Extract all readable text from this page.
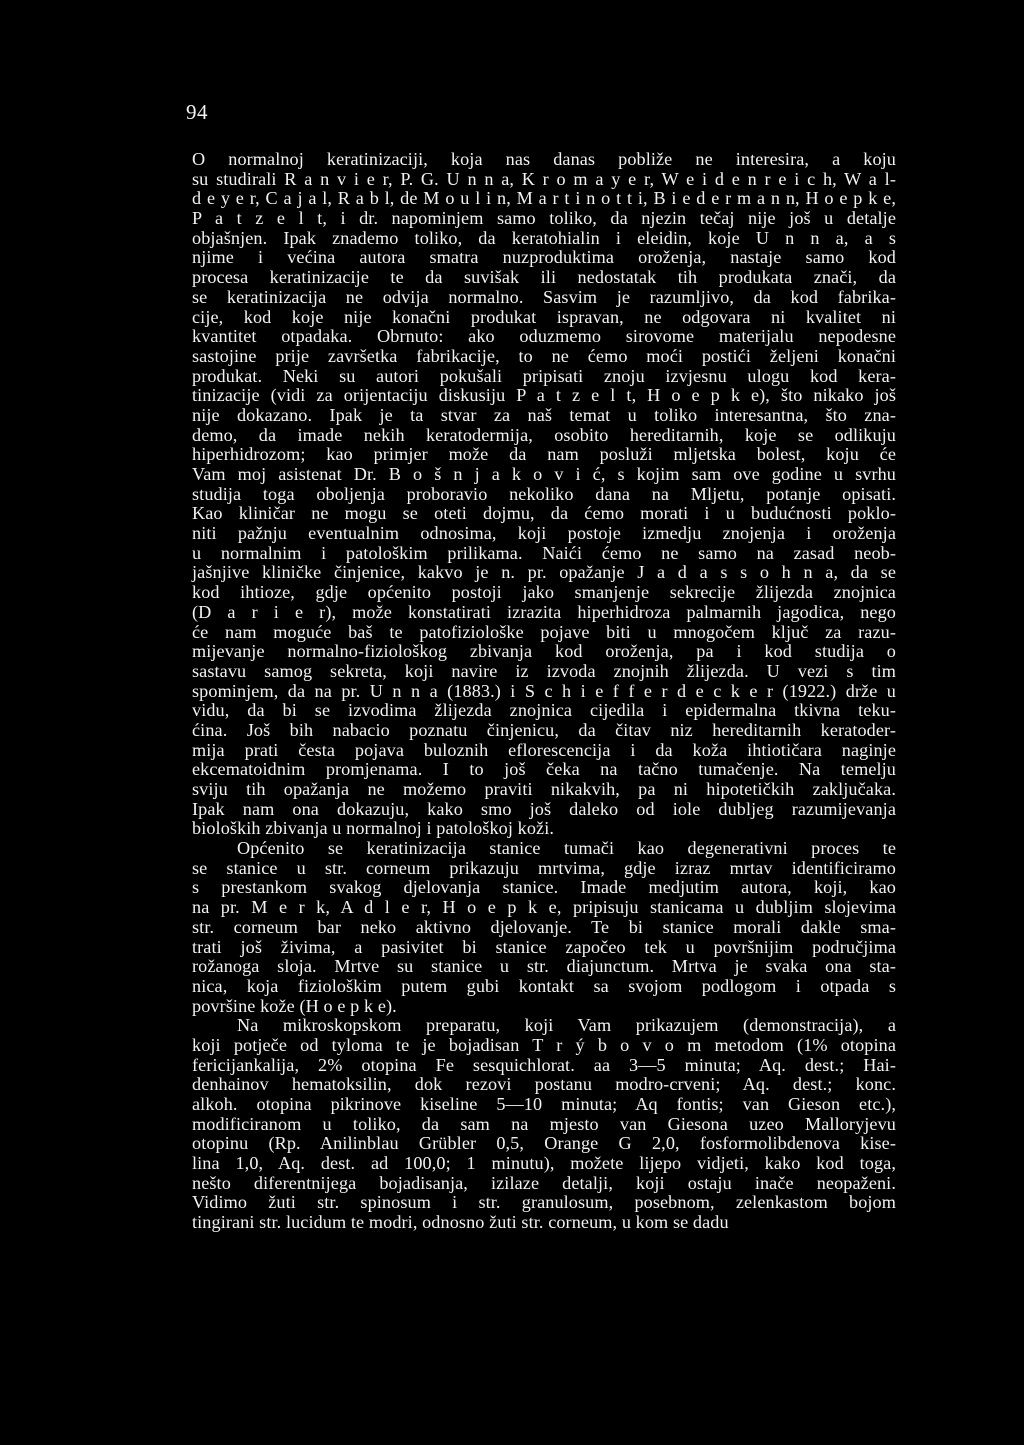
94
O normalnoj keratinizaciji, koja nas danas pobliže ne interesira, a koju
su studirali R a n v i e r, P. G. U n n a, K r o m a y e r, W e i d e n r e i c h, W a l-
d e y e r, C a j a l, R a b l, de M o u l i n, M a r t i n o t t i, B i e d e r m a n n, H o e p k e,
P a t z e l t, i dr. napominjem samo toliko, da njezin tečaj nije još u detalje
objašnjen. Ipak znademo toliko, da keratohialin i eleidin, koje U n n a, a s
njime i većina autora smatra nuzproduktima oroženja, nastaje samo kod
procesa keratinizacije te da suvišak ili nedostatak tih produkata znači, da
se keratinizacija ne odvija normalno. Sasvim je razumljivo, da kod fabrika-
cije, kod koje nije konačni produkat ispravan, ne odgovara ni kvalitet ni
kvantitet otpadaka. Obrnuto: ako oduzmemo sirovome materijalu nepodesne
sastojine prije završetka fabrikacije, to ne ćemo moći postići željeni konačni
produkat. Neki su autori pokušali pripisati znoju izvjesnu ulogu kod kera-
tinizacije (vidi za orijentaciju diskusiju P a t z e l t, H o e p k e), što nikako još
nije dokazano. Ipak je ta stvar za naš temat u toliko interesantna, što zna-
demo, da imade nekih keratodermija, osobito hereditarnih, koje se odlikuju
hiperhidrozom; kao primjer može da nam posluži mljetska bolest, koju će
Vam moj asistenat Dr. B o š n j a k o v i ć, s kojim sam ove godine u svrhu
studija toga oboljenja proboravio nekoliko dana na Mljetu, potanje opisati.
Kao kliničar ne mogu se oteti dojmu, da ćemo morati i u budućnosti poklo-
niti pažnju eventualnim odnosima, koji postoje izmedju znojenja i oroženja
u normalnim i patološkim prilikama. Naići ćemo ne samo na zasad neob-
jašnjive kliničke činjenice, kakvo je n. pr. opažanje J a d a s s o h n a, da se
kod ihtioze, gdje općenito postoji jako smanjenje sekrecije žlijezda znojnica
(D a r i e r), može konstatirati izrazita hiperhidroza palmarnih jagodica, nego
će nam moguće baš te patofiziološke pojave biti u mnogočem ključ za razu-
mijevanje normalno-fiziološkog zbivanja kod oroženja, pa i kod studija o
sastavu samog sekreta, koji navire iz izvoda znojnih žlijezda. U vezi s tim
spominjem, da na pr. U n n a (1883.) i S c h i e f f e r d e c k e r (1922.) drže u
vidu, da bi se izvodima žlijezda znojnica cijedila i epidermalna tkivna teku-
ćina. Još bih nabacio poznatu činjenicu, da čitav niz hereditarnih keratoder-
mija prati česta pojava buloznih eflorescencija i da koža ihtiotičara naginje
ekcematoidnim promjenama. I to još čeka na tačno tumačenje. Na temelju
sviju tih opažanja ne možemo praviti nikakvih, pa ni hipotetičkih zaključaka.
Ipak nam ona dokazuju, kako smo još daleko od iole dubljeg razumijevanja
bioloških zbivanja u normalnoj i patološkoj koži.
Općenito se keratinizacija stanice tumači kao degenerativni proces te
se stanice u str. corneum prikazuju mrtvima, gdje izraz mrtav identificiramo
s prestankom svakog djelovanja stanice. Imade medjutim autora, koji, kao
na pr. M e r k, A d l e r, H o e p k e, pripisuju stanicama u dubljim slojevima
str. corneum bar neko aktivno djelovanje. Te bi stanice morali dakle sma-
trati još živima, a pasivitet bi stanice započeo tek u površnijim područjima
rožanoga sloja. Mrtve su stanice u str. diajunctum. Mrtva je svaka ona sta-
nica, koja fiziološkim putem gubi kontakt sa svojom podlogom i otpada s
površine kože (H o e p k e).
Na mikroskopskom preparatu, koji Vam prikazujem (demonstracija), a
koji potječe od tyloma te je bojadisan T r ý b o v o m metodom (1% otopina
fericijankalija, 2% otopina Fe sesquichlorat. aa 3—5 minuta; Aq. dest.; Hai-
denhainov hematoksilin, dok rezovi postanu modro-crveni; Aq. dest.; konc.
alkoh. otopina pikrinove kiseline 5—10 minuta; Aq fontis; van Gieson etc.),
modificiranom u toliko, da sam na mjesto van Giesona uzeo Malloryjevu
otopinu (Rp. Anilinblau Grübler 0,5, Orange G 2,0, fosformolibdenova kise-
lina 1,0, Aq. dest. ad 100,0; 1 minutu), možete lijepo vidjeti, kako kod toga,
nešto diferentnijega bojadisanja, izilaze detalji, koji ostaju inače neopaženi.
Vidimo žuti str. spinosum i str. granulosum, posebnom, zelenkastom bojom
tingirani str. lucidum te modri, odnosno žuti str. corneum, u kom se dadu
